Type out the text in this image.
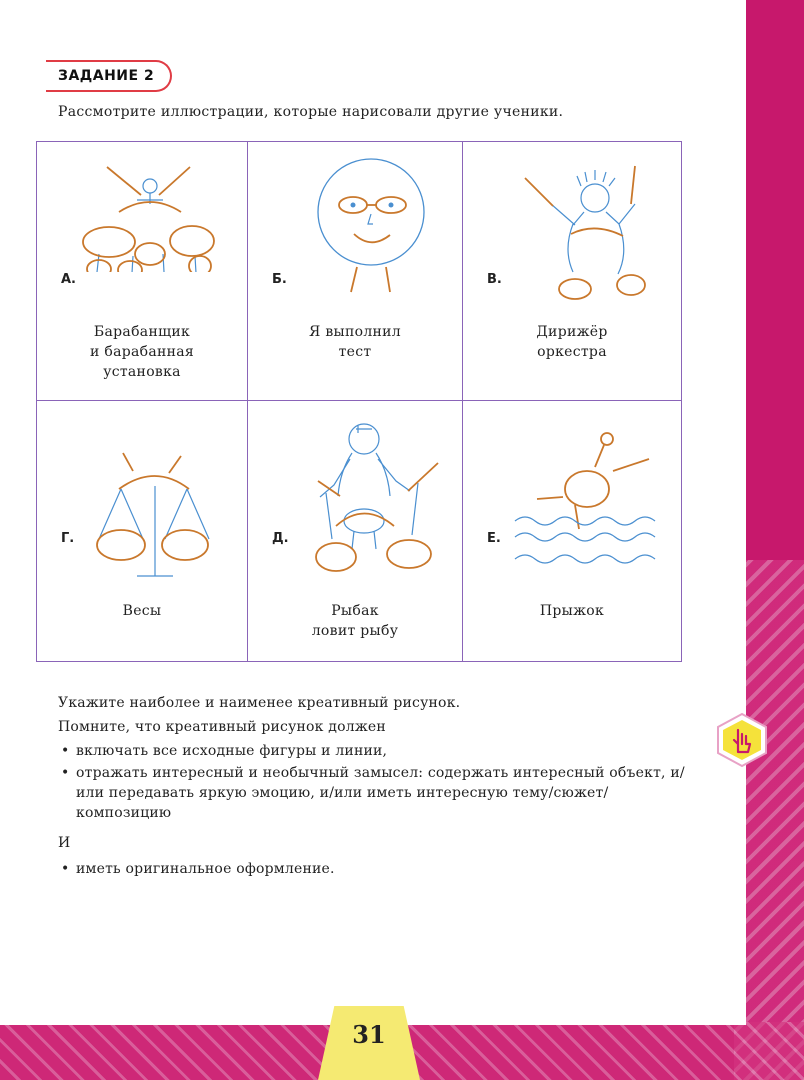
ЗАДАНИЕ 2
Рассмотрите иллюстрации, которые нарисовали другие ученики.
А.
Барабанщик
и барабанная
установка
Б.
Я выполнил
тест
В.
Дирижёр
оркестра
Г.
Весы
Д.
Рыбак
ловит рыбу
Е.
Прыжок

Укажите наиболее и наименее креативный рисунок.

Помните, что креативный рисунок должен

• включать все исходные фигуры и линии,
• отражать интересный и необычный замысел: содержать интересный объект, и/или передавать яркую эмоцию, и/или иметь интересную тему/сюжет/композицию
И
• иметь оригинальное оформление.
31
